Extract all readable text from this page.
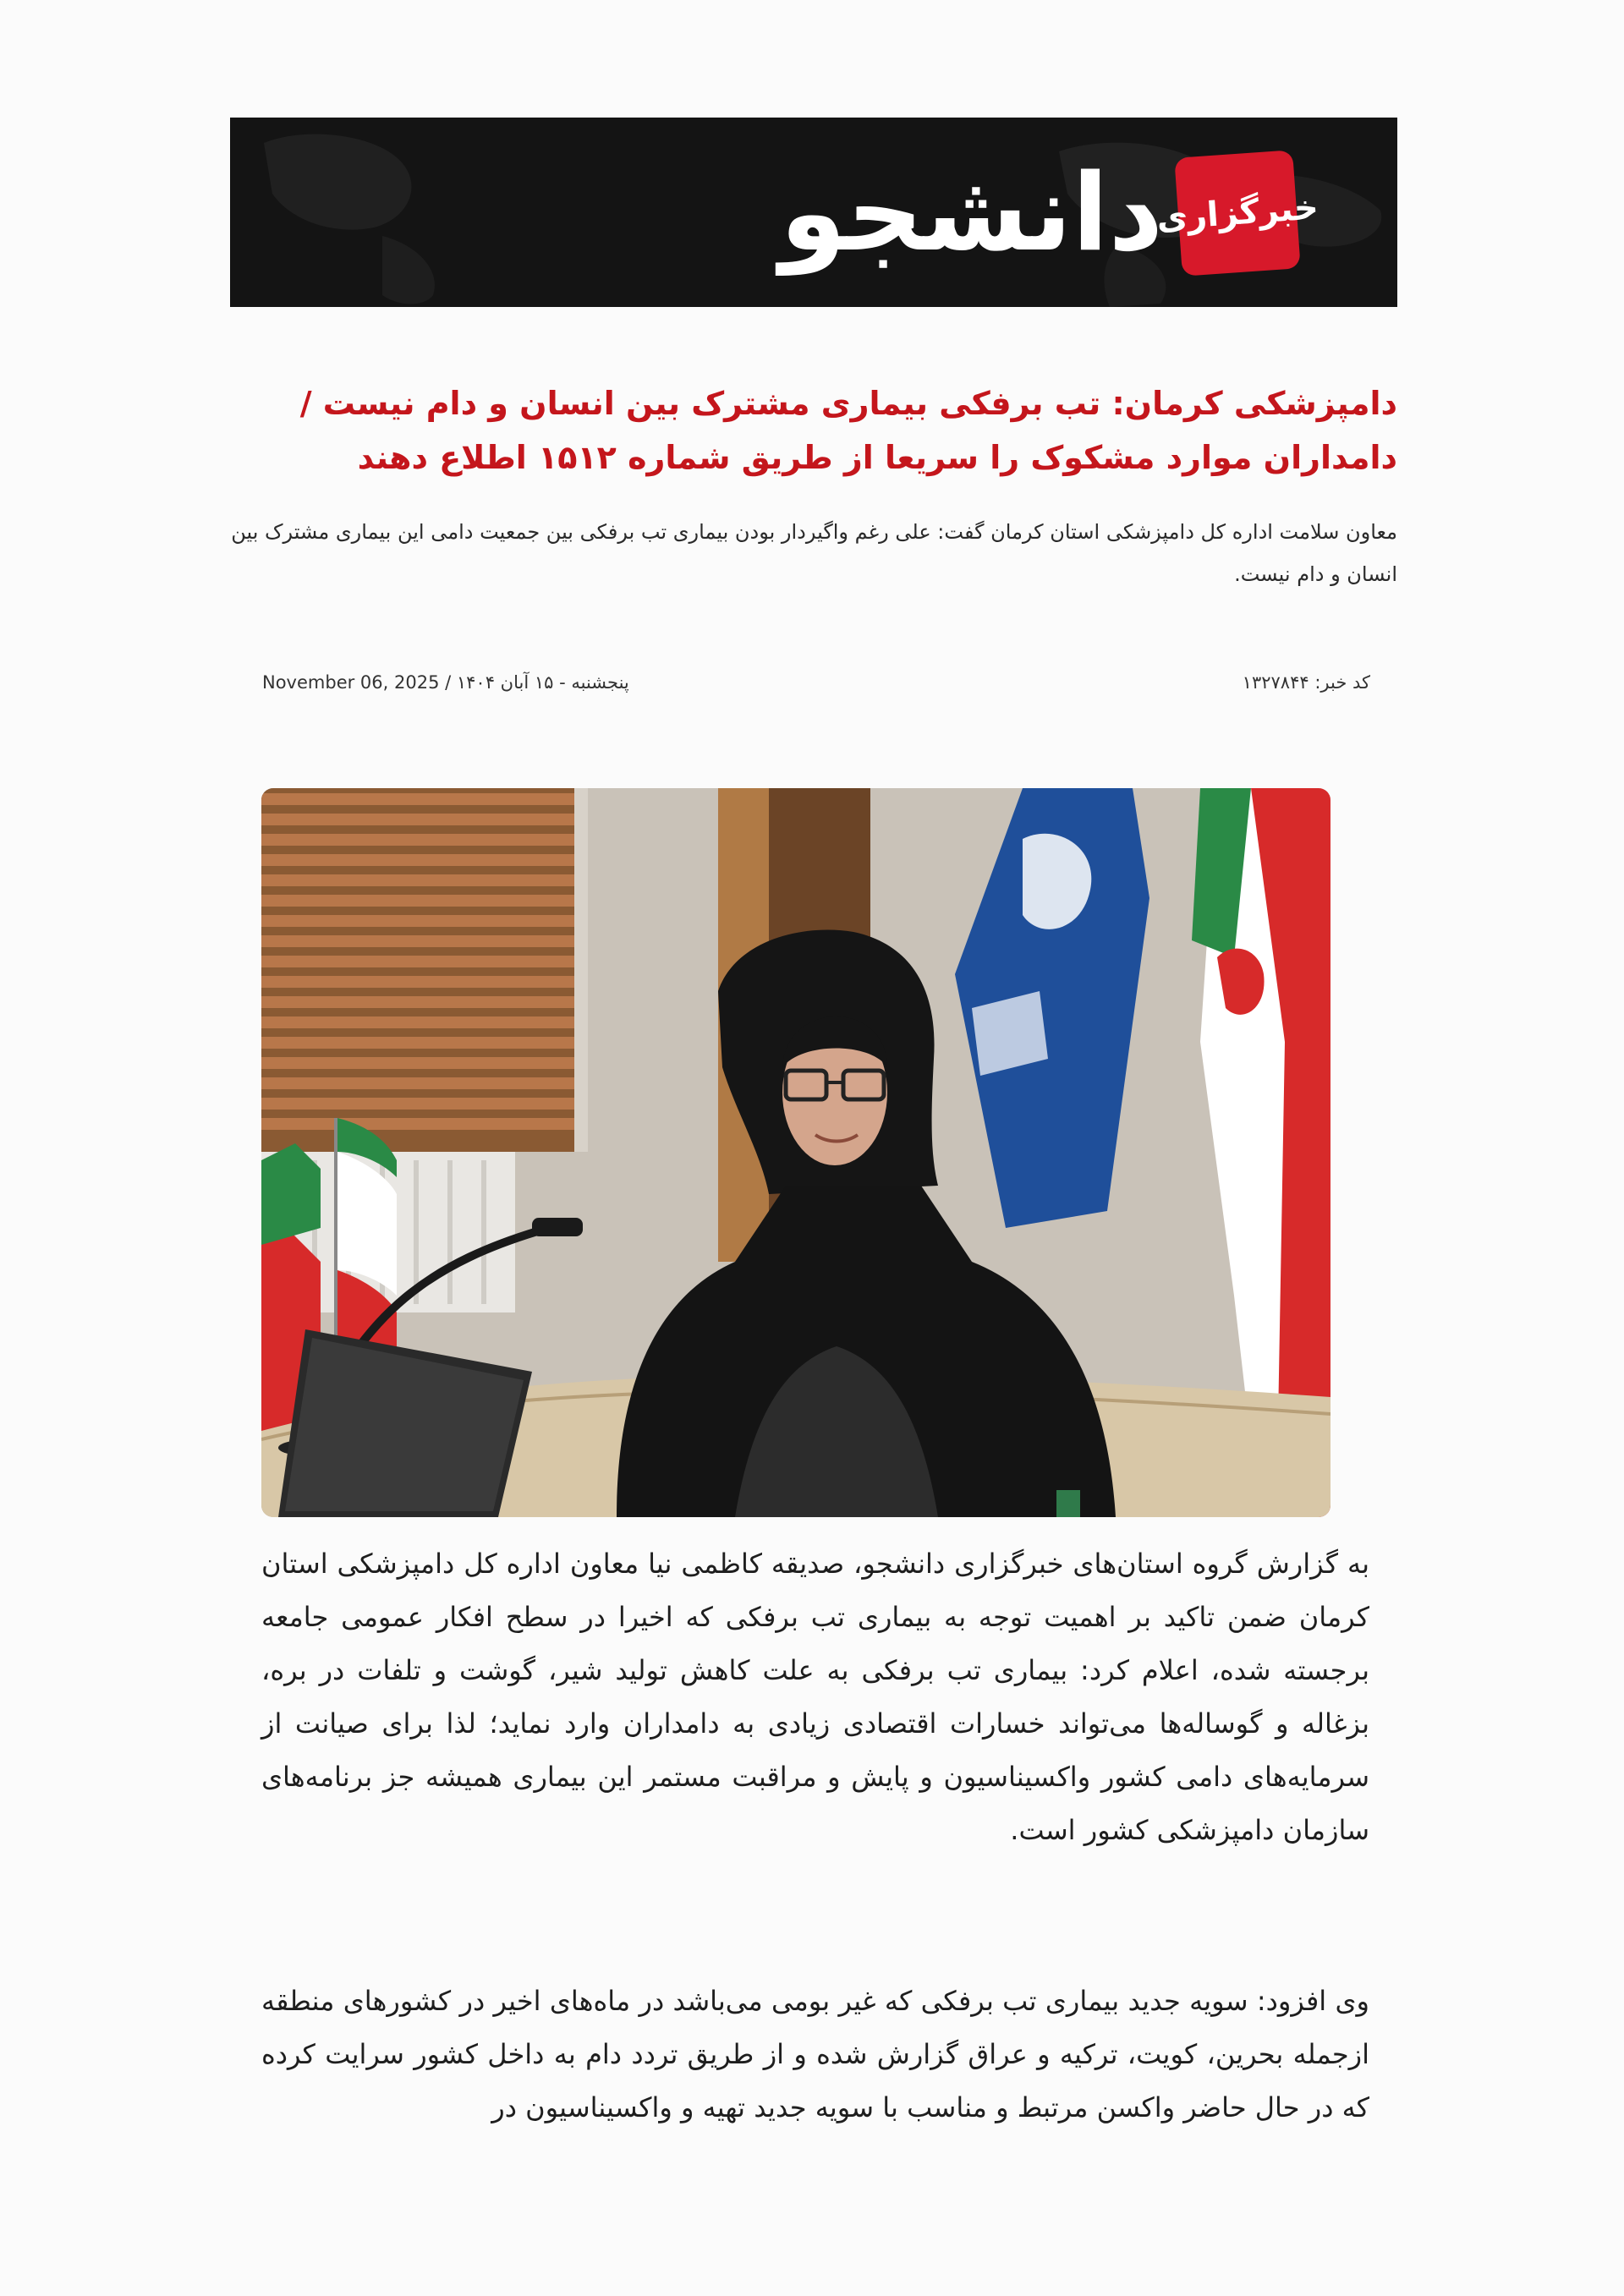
دانشجو
خبرگزاری
دامپزشکی کرمان: تب برفکی بیماری مشترک بین انسان و دام نیست / دامداران موارد مشکوک را سریعا از طریق شماره ۱۵۱۲ اطلاع دهند

معاون سلامت اداره کل دامپزشکی استان کرمان گفت: علی رغم واگیردار بودن بیماری تب برفکی بین جمعیت دامی این بیماری مشترک بین انسان و دام نیست.

کد خبر: ۱۳۲۷۸۴۴
پنجشنبه - ۱۵ آبان ۱۴۰۴ / November 06, 2025

به گزارش گروه استان‌های خبرگزاری دانشجو، صدیقه کاظمی نیا معاون اداره کل دامپزشکی استان کرمان ضمن تاکید بر اهمیت توجه به بیماری تب برفکی که اخیرا در سطح افکار عمومی جامعه برجسته شده، اعلام کرد: بیماری تب برفکی به علت کاهش تولید شیر، گوشت و تلفات در بره، بزغاله و گوساله‌ها می‌تواند خسارات اقتصادی زیادی به دامداران وارد نماید؛ لذا برای صیانت از سرمایه‌های دامی کشور واکسیناسیون و پایش و مراقبت مستمر این بیماری همیشه جز برنامه‌های سازمان دامپزشکی کشور است.

وی افزود: سویه جدید بیماری تب برفکی که غیر بومی می‌باشد در ماه‌های اخیر در کشورهای منطقه ازجمله بحرین، کویت، ترکیه و عراق گزارش شده و از طریق تردد دام به داخل کشور سرایت کرده که در حال حاضر واکسن مرتبط و مناسب با سویه جدید تهیه و واکسیناسیون در
